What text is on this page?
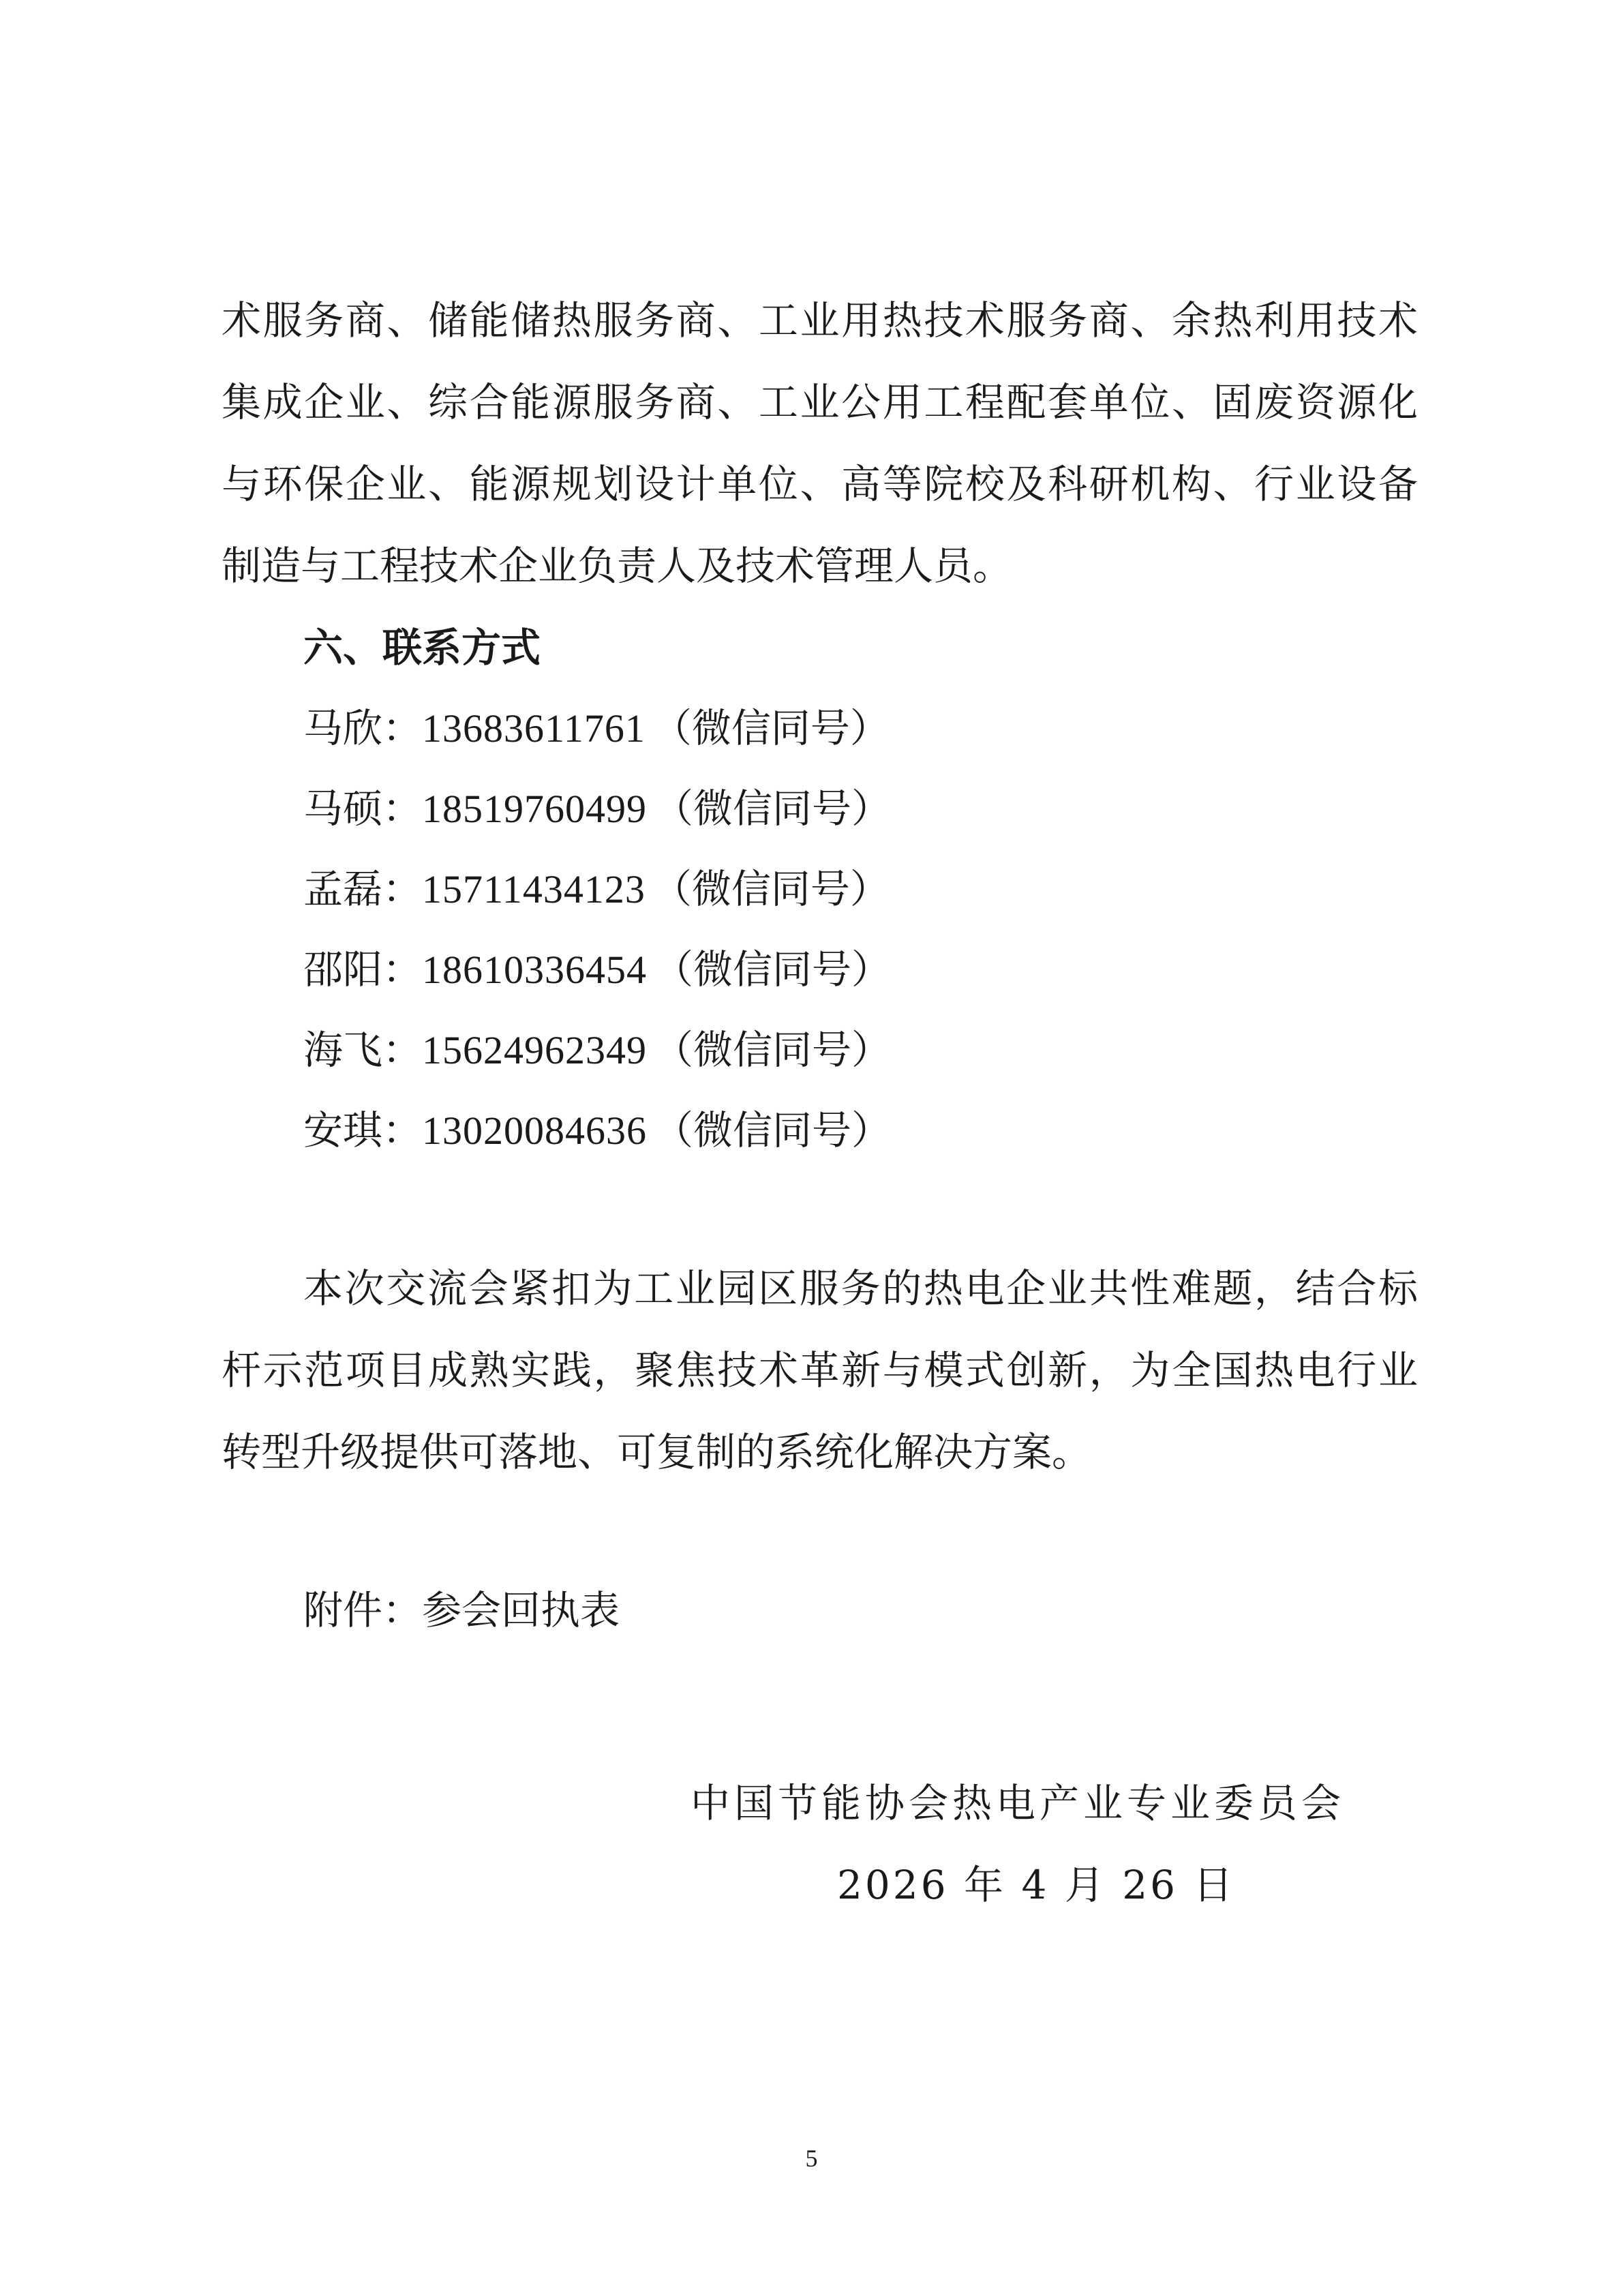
术服务商、储能储热服务商、工业用热技术服务商、余热利用技术
集成企业、综合能源服务商、工业公用工程配套单位、固废资源化
与环保企业、能源规划设计单位、高等院校及科研机构、行业设备
制造与工程技术企业负责人及技术管理人员。
六、联系方式
马欣：13683611761 （微信同号）
马硕：18519760499 （微信同号）
孟磊：15711434123 （微信同号）
邵阳：18610336454 （微信同号）
海飞：15624962349 （微信同号）
安琪：13020084636 （微信同号）
本次交流会紧扣为工业园区服务的热电企业共性难题，结合标
杆示范项目成熟实践，聚焦技术革新与模式创新，为全国热电行业
转型升级提供可落地、可复制的系统化解决方案。
附件：参会回执表
中国节能协会热电产业专业委员会
2026 年 4 月 26 日
5
